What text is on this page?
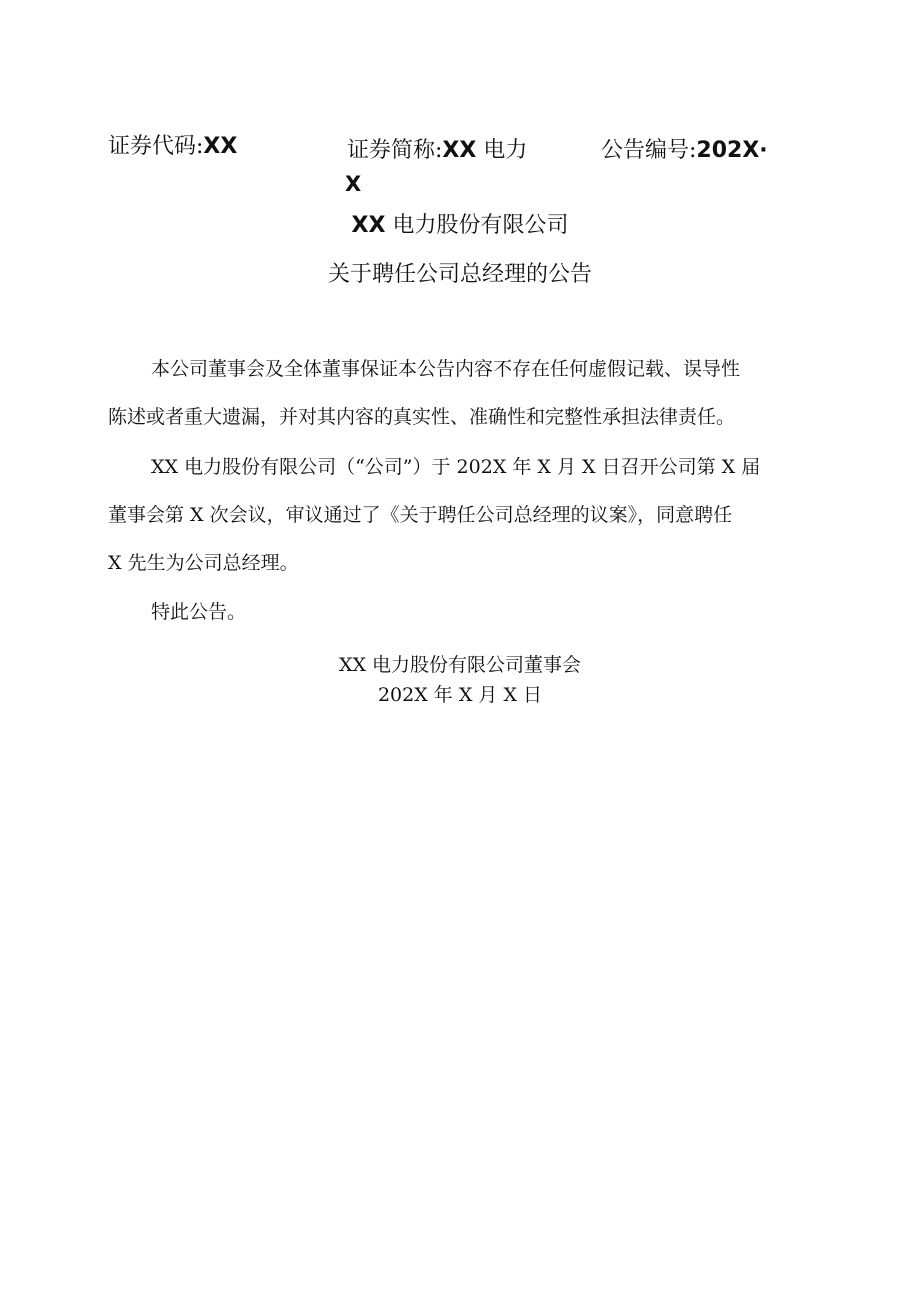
证券代码:XX	证券简称:XX 电力	公告编号:202X·
X
XX 电力股份有限公司
关于聘任公司总经理的公告
本公司董事会及全体董事保证本公告内容不存在任何虚假记载、误导性
陈述或者重大遗漏，并对其内容的真实性、准确性和完整性承担法律责任。
XX 电力股份有限公司（“公司”）于 202X 年 X 月 X 日召开公司第 X 届
董事会第 X 次会议，审议通过了《关于聘任公司总经理的议案》，同意聘任
X 先生为公司总经理。
特此公告。
XX 电力股份有限公司董事会
202X 年 X 月 X 日
